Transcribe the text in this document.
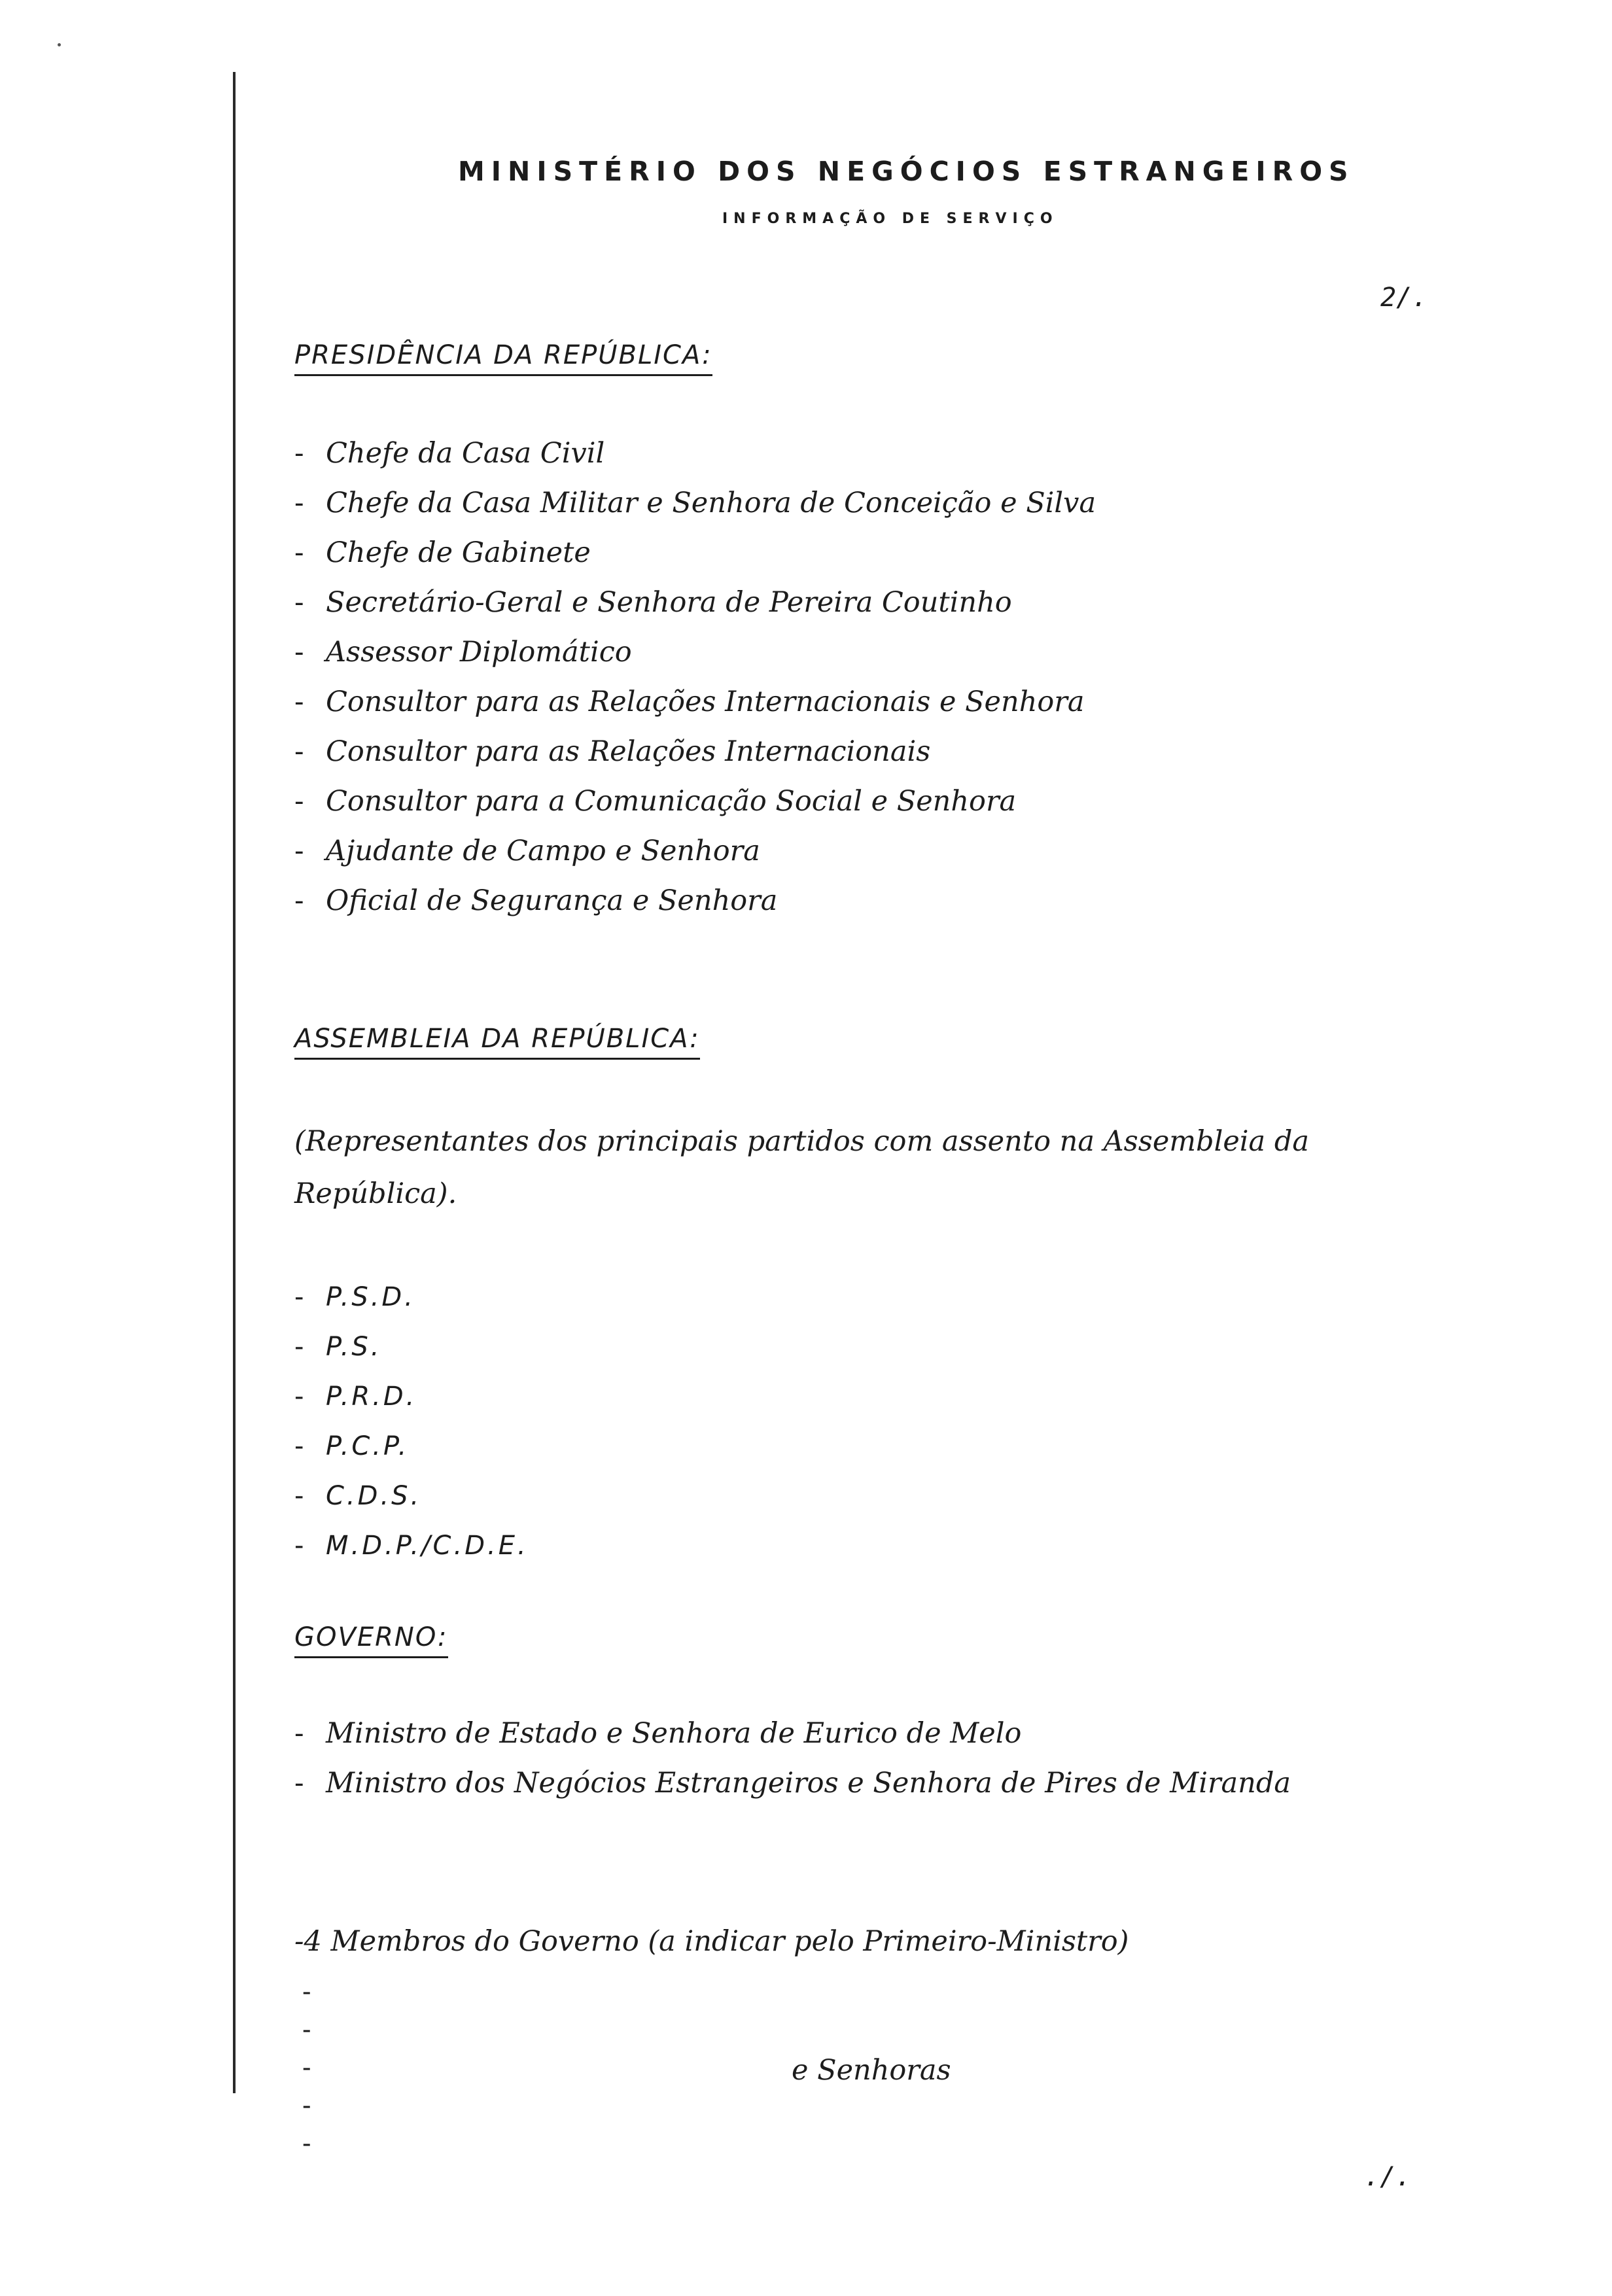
MINISTÉRIO DOS NEGÓCIOS ESTRANGEIROS
INFORMAÇÃO DE SERVIÇO
2/.
PRESIDÊNCIA DA REPÚBLICA:
- Chefe da Casa Civil
- Chefe da Casa Militar e Senhora de Conceição e Silva
- Chefe de Gabinete
- Secretário-Geral e Senhora de Pereira Coutinho
- Assessor Diplomático
- Consultor para as Relações Internacionais e Senhora
- Consultor para as Relações Internacionais
- Consultor para a Comunicação Social e Senhora
- Ajudante de Campo e Senhora
- Oficial de Segurança e Senhora
ASSEMBLEIA DA REPÚBLICA:

(Representantes dos principais partidos com assento na Assembleia da República).

- P.S.D.
- P.S.
- P.R.D.
- P.C.P.
- C.D.S.
- M.D.P./C.D.E.
GOVERNO:
- Ministro de Estado e Senhora de Eurico de Melo
- Ministro dos Negócios Estrangeiros e Senhora de Pires de Miranda

-4 Membros do Governo (a indicar pelo Primeiro-Ministro)

-
-
-
-
-
e Senhoras
./.
